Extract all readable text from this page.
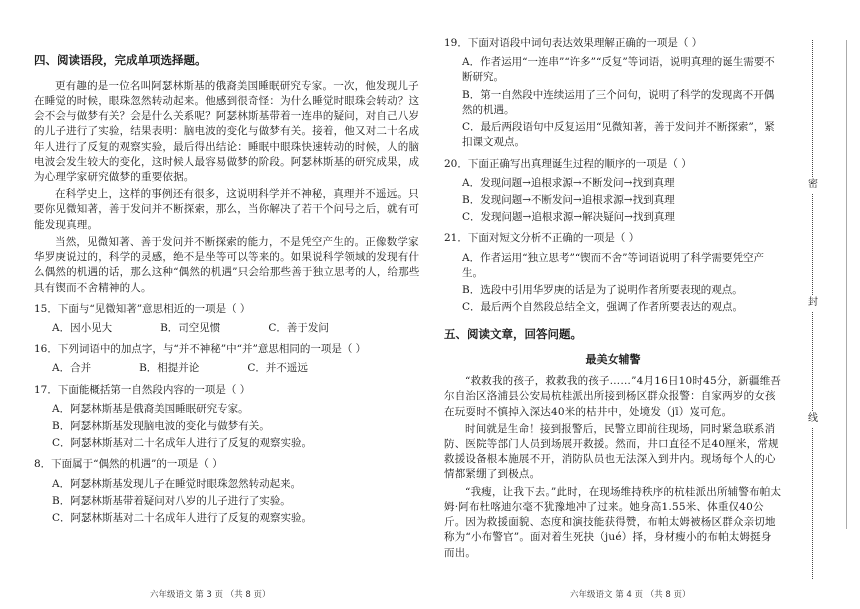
四、阅读语段，完成单项选择题。

更有趣的是一位名叫阿瑟林斯基的俄裔美国睡眠研究专家。一次，他发现儿子在睡觉的时候，眼珠忽然转动起来。他感到很奇怪：为什么睡觉时眼珠会转动？这会不会与做梦有关？会是什么关系呢？阿瑟林斯基带着一连串的疑问，对自己八岁的儿子进行了实验，结果表明：脑电波的变化与做梦有关。接着，他又对二十名成年人进行了反复的观察实验，最后得出结论：睡眠中眼珠快速转动的时候，人的脑电波会发生较大的变化，这时候人最容易做梦的阶段。阿瑟林斯基的研究成果，成为心理学家研究做梦的重要依据。

在科学史上，这样的事例还有很多，这说明科学并不神秘，真理并不遥远。只要你见微知著，善于发问并不断探索，那么，当你解决了若干个问号之后，就有可能发现真理。

当然，见微知著、善于发问并不断探索的能力，不是凭空产生的。正像数学家华罗庚说过的，科学的灵感，绝不是坐等可以等来的。如果说科学领域的发现有什么偶然的机遇的话，那么这种“偶然的机遇”只会给那些善于独立思考的人，给那些具有锲而不舍精神的人。

15．下面与“见微知著”意思相近的一项是（ ）
A．因小见大	B．司空见惯	C．善于发问
16．下列词语中的加点字，与“并不神秘”中“并”意思相同的一项是（ ）
A．合并	B．相提并论	C．并不遥远
17．下面能概括第一自然段内容的一项是（ ）
A．阿瑟林斯基是俄裔美国睡眠研究专家。
B．阿瑟林斯基发现脑电波的变化与做梦有关。
C．阿瑟林斯基对二十名成年人进行了反复的观察实验。
8．下面属于“偶然的机遇”的一项是（ ）
A．阿瑟林斯基发现儿子在睡觉时眼珠忽然转动起来。
B．阿瑟林斯基带着疑问对八岁的儿子进行了实验。
C．阿瑟林斯基对二十名成年人进行了反复的观察实验。
19．下面对语段中词句表达效果理解正确的一项是（ ）
A．作者运用“一连串”“许多”“反复”等词语，说明真理的诞生需要不断研究。
B．第一自然段中连续运用了三个问句，说明了科学的发现离不开偶然的机遇。
C．最后两段语句中反复运用“见微知著，善于发问并不断探索”，紧扣课文观点。
20．下面正确写出真理诞生过程的顺序的一项是（ ）
A．发现问题→追根求源→不断发问→找到真理
B．发现问题→不断发问→追根求源→找到真理
C．发现问题→追根求源→解决疑问→找到真理
21．下面对短文分析不正确的一项是（ ）
A．作者运用“独立思考”“锲而不舍”等词语说明了科学需要凭空产生。
B．选段中引用华罗庚的话是为了说明作者所要表现的观点。
C．最后两个自然段总结全文，强调了作者所要表达的观点。
五、阅读文章，回答问题。
最美女辅警

“救救我的孩子，救救我的孩子……”4月16日10时45分，新疆维吾尔自治区洛浦县公安局杭桂派出所接到杨区群众报警：自家两岁的女孩在玩耍时不慎掉入深达40米的枯井中，处境发（jī）岌可危。

时间就是生命！接到报警后，民警立即前往现场，同时紧急联系消防、医院等部门人员到场展开救援。然而，井口直径不足40厘米，常规救援设备根本施展不开，消防队员也无法深入到井内。现场每个人的心情都紧绷了到极点。

“我瘦，让我下去。”此时，在现场维持秩序的杭桂派出所辅警布帕太姆·阿布杜喀迪尔毫不犹豫地冲了过来。她身高1.55米、体重仅40公斤。因为救援面貌、态度和演技能获得赞，布帕太姆被杨区群众亲切地称为“小布警官”。面对着生死抉（jué）择，身材瘦小的布帕太姆挺身而出。

六年级语文 第 3 页 （共 8 页）	六年级语文 第 4 页 （共 8 页）
密
封
线
